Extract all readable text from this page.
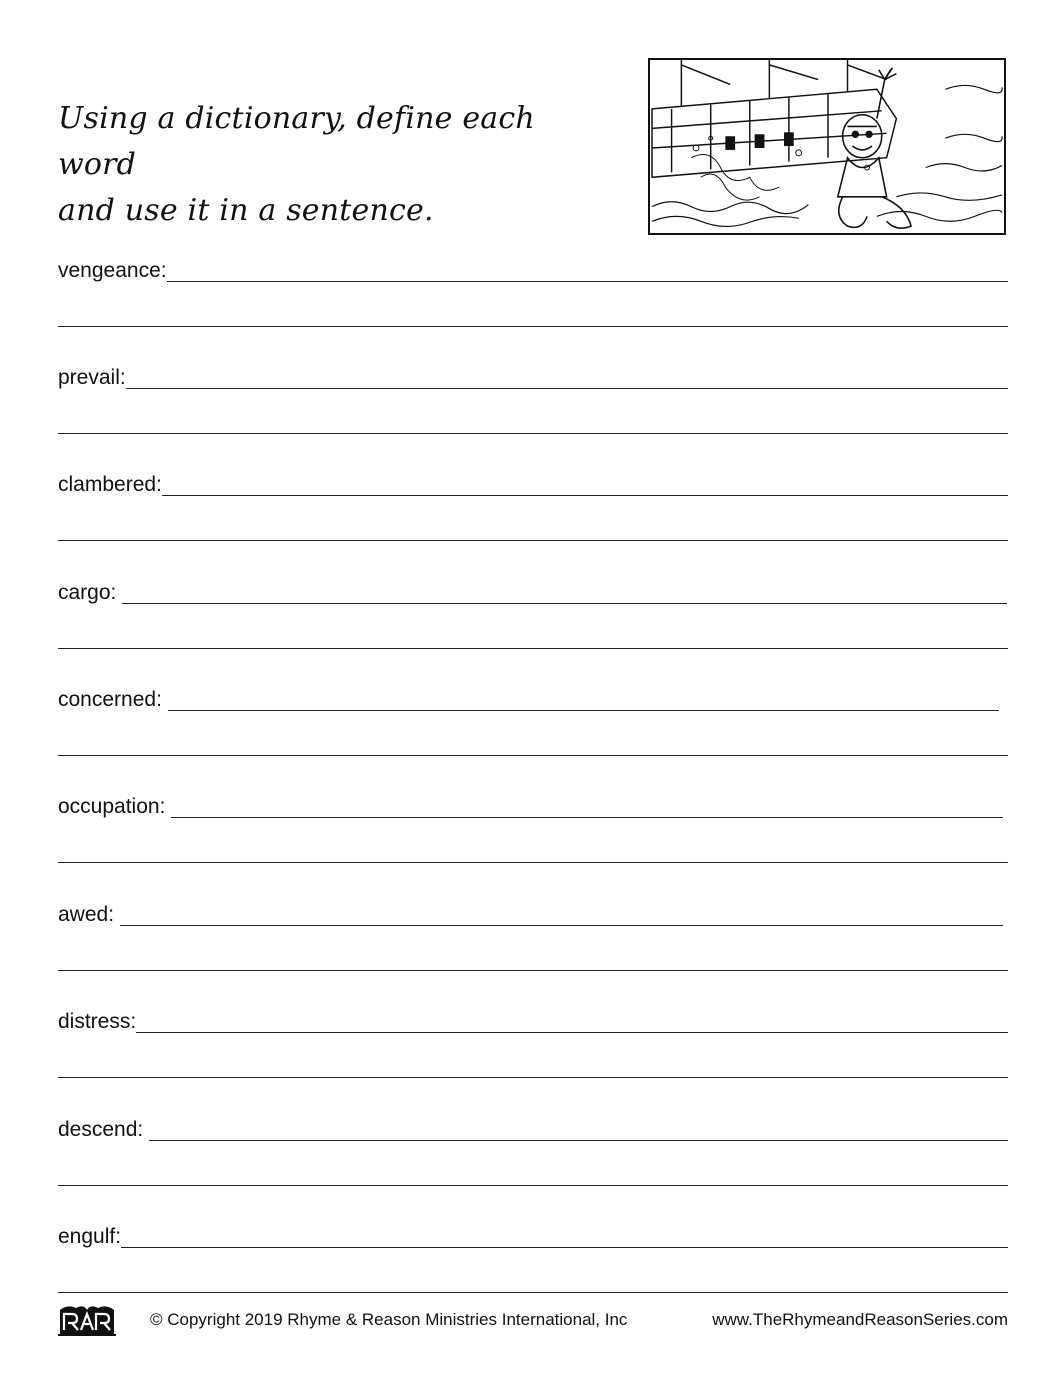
Using a dictionary, define each word
and use it in a sentence.
vengeance:
prevail:
clambered:
cargo:
concerned:
occupation:
awed:
distress:
descend:
engulf:
© Copyright 2019 Rhyme & Reason Ministries International, Inc	www.TheRhymeandReasonSeries.com
